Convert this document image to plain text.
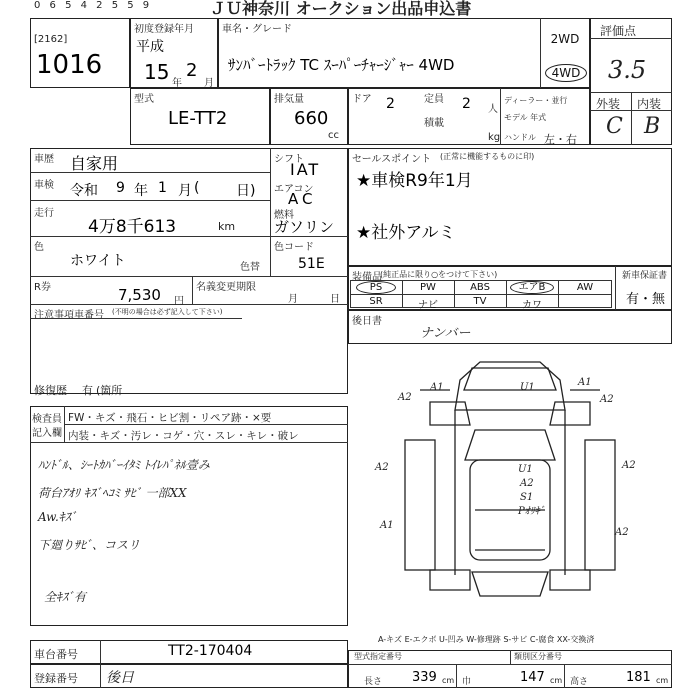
0 6 5 4 2 5 5 9	ＪＵ神奈川 オークション出品申込書
[2162]
1016
初度登録年月
平成
15 年
2
月
車名・グレード
ｻﾝﾊﾞｰﾄﾗｯｸ TC ｽｰﾊﾟｰﾁｬｰｼﾞｬｰ 4WD
2WD
4WD
評価点
3.5
外装 内装
C B
型式
LE-TT2
排気量
660
cc
ドア 2	定員 2 人
積載
kg
ディーラー・並行
モデル 年式
ハンドル 左・右
車歴 自家用
車検 令和 9 年 1 月 (	日)
走行
4万8千613	km
色
ホワイト	色替
シフト
IAT
エアコン
AC
燃料
ガソリン
色コード
51E
R券	7,530 円
名義変更期限
月	日
注意事項車番号 (不明の場合は必ず記入して下さい)
修復歴 有 (箇所
セールスポイント (正常に機能するものに印)
★車検R9年1月
★社外アルミ
装備品
(純正品に限り○をつけて下さい)	新車保証書
有・無
PS	PW	ABS	エアB	AW
SR	ナビ	TV	カワ
後日書
ナンバー
A2	A2
A1	A1
U1
A2	U1	A2
A2
S1
Pｵﾘｷﾞ
A1
A2
検査員
記入欄
FW・キズ・飛石・ヒビ割・リペア跡・×要
内装・キズ・汚レ・コゲ・穴・スレ・キレ・破レ
ﾊﾝﾄﾞﾙ、ｼｰﾄｶﾊﾞｰｲﾀﾐ ﾄｲﾚﾊﾟﾈﾙ壹み
荷台ｱｵﾘ ｷｽﾞﾍｺﾐ ｻﾋﾞ 一部XX
Aw.ｷｽﾞ
下廻りｻﾋﾞ、コスリ
全ｷｽﾞ有
A-キズ E-エクボ U-凹み W-修理跡 S-サビ C-腐食 XX-交換済
車台番号	TT2-170404
登録番号 後日
型式指定番号	類別区分番号
長さ 339 cm 巾	147 cm 高さ	181 cm
